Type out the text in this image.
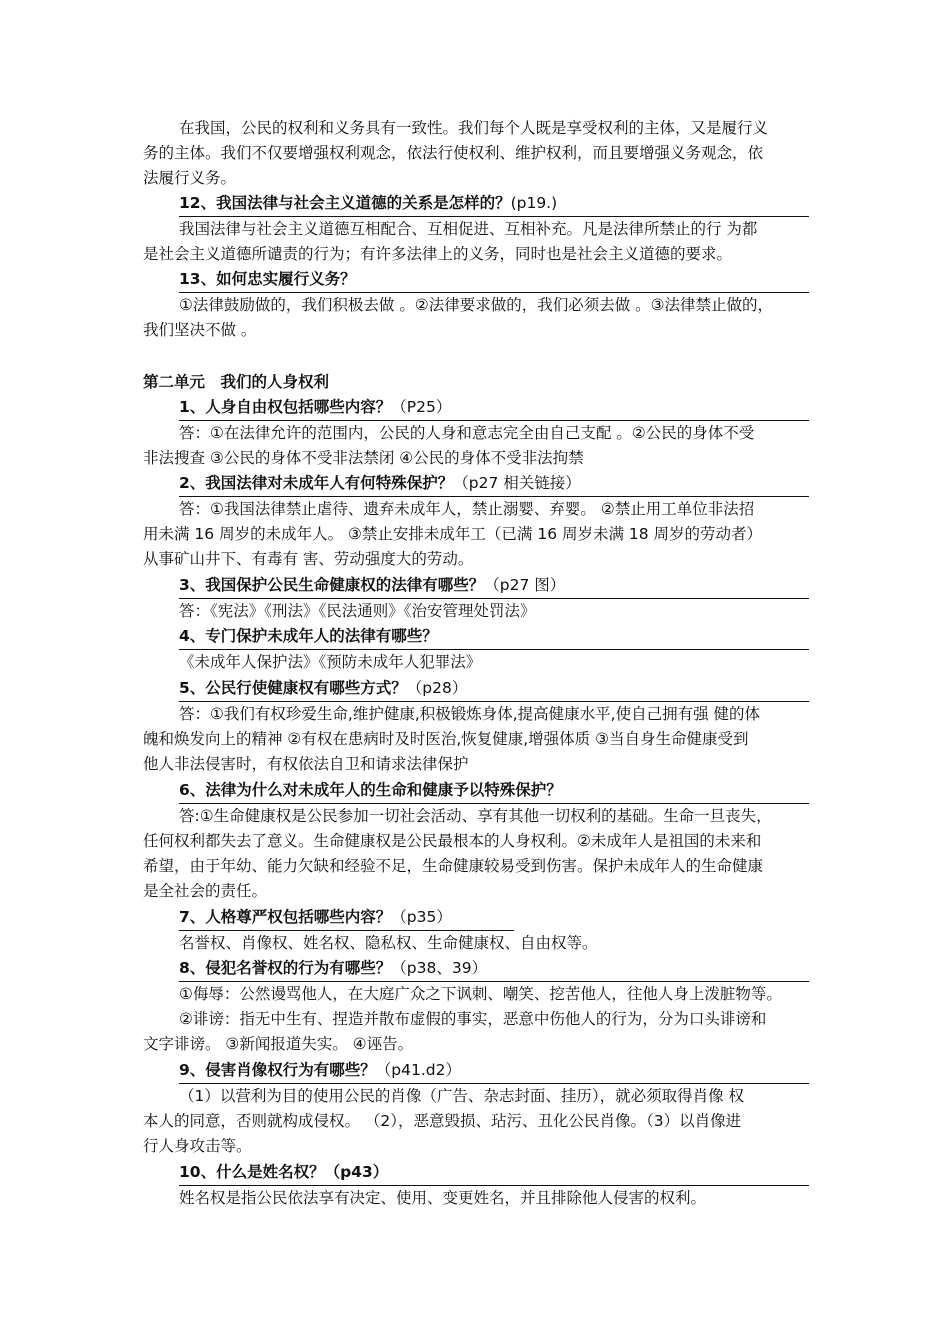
在我国，公民的权利和义务具有一致性。我们每个人既是享受权利的主体，又是履行义
务的主体。我们不仅要增强权利观念，依法行使权利、维护权利，而且要增强义务观念，依
法履行义务。
12、我国法律与社会主义道德的关系是怎样的？(p19.)
我国法律与社会主义道德互相配合、互相促进、互相补充。凡是法律所禁止的行 为都
是社会主义道德所谴责的行为；有许多法律上的义务，同时也是社会主义道德的要求。
13、如何忠实履行义务？
①法律鼓励做的，我们积极去做 。②法律要求做的，我们必须去做 。③法律禁止做的，
我们坚决不做 。
第二单元　我们的人身权利
1、人身自由权包括哪些内容？（P25）
答：①在法律允许的范围内，公民的人身和意志完全由自己支配 。②公民的身体不受
非法搜查 ③公民的身体不受非法禁闭 ④公民的身体不受非法拘禁
2、我国法律对未成年人有何特殊保护？（p27 相关链接）
答：①我国法律禁止虐待、遗弃未成年人，禁止溺婴、弃婴。 ②禁止用工单位非法招
用未满 16 周岁的未成年人。 ③禁止安排未成年工（已满 16 周岁未满 18 周岁的劳动者）
从事矿山井下、有毒有 害、劳动强度大的劳动。
3、我国保护公民生命健康权的法律有哪些？（p27 图）
答：《宪法》《刑法》《民法通则》《治安管理处罚法》
4、专门保护未成年人的法律有哪些？
《未成年人保护法》《预防未成年人犯罪法》
5、公民行使健康权有哪些方式？（p28）
答：①我们有权珍爱生命,维护健康,积极锻炼身体,提高健康水平,使自己拥有强 健的体
魄和焕发向上的精神 ②有权在患病时及时医治,恢复健康,增强体质 ③当自身生命健康受到
他人非法侵害时，有权依法自卫和请求法律保护
6、法律为什么对未成年人的生命和健康予以特殊保护？
答:①生命健康权是公民参加一切社会活动、享有其他一切权利的基础。生命一旦丧失，
任何权利都失去了意义。生命健康权是公民最根本的人身权利。②未成年人是祖国的未来和
希望，由于年幼、能力欠缺和经验不足，生命健康较易受到伤害。保护未成年人的生命健康
是全社会的责任。
7、人格尊严权包括哪些内容？（p35）
名誉权、肖像权、姓名权、隐私权、生命健康权、自由权等。
8、侵犯名誉权的行为有哪些？（p38、39）
①侮辱：公然谩骂他人，在大庭广众之下讽刺、嘲笑、挖苦他人，往他人身上泼脏物等。
②诽谤：指无中生有、捏造并散布虚假的事实，恶意中伤他人的行为，分为口头诽谤和
文字诽谤。 ③新闻报道失实。 ④诬告。
9、侵害肖像权行为有哪些？（p41.d2）
（1）以营利为目的使用公民的肖像（广告、杂志封面、挂历），就必须取得肖像 权
本人的同意，否则就构成侵权。 （2），恶意毁损、玷污、丑化公民肖像。（3）以肖像进
行人身攻击等。
10、什么是姓名权？（p43）
姓名权是指公民依法享有决定、使用、变更姓名，并且排除他人侵害的权利。
